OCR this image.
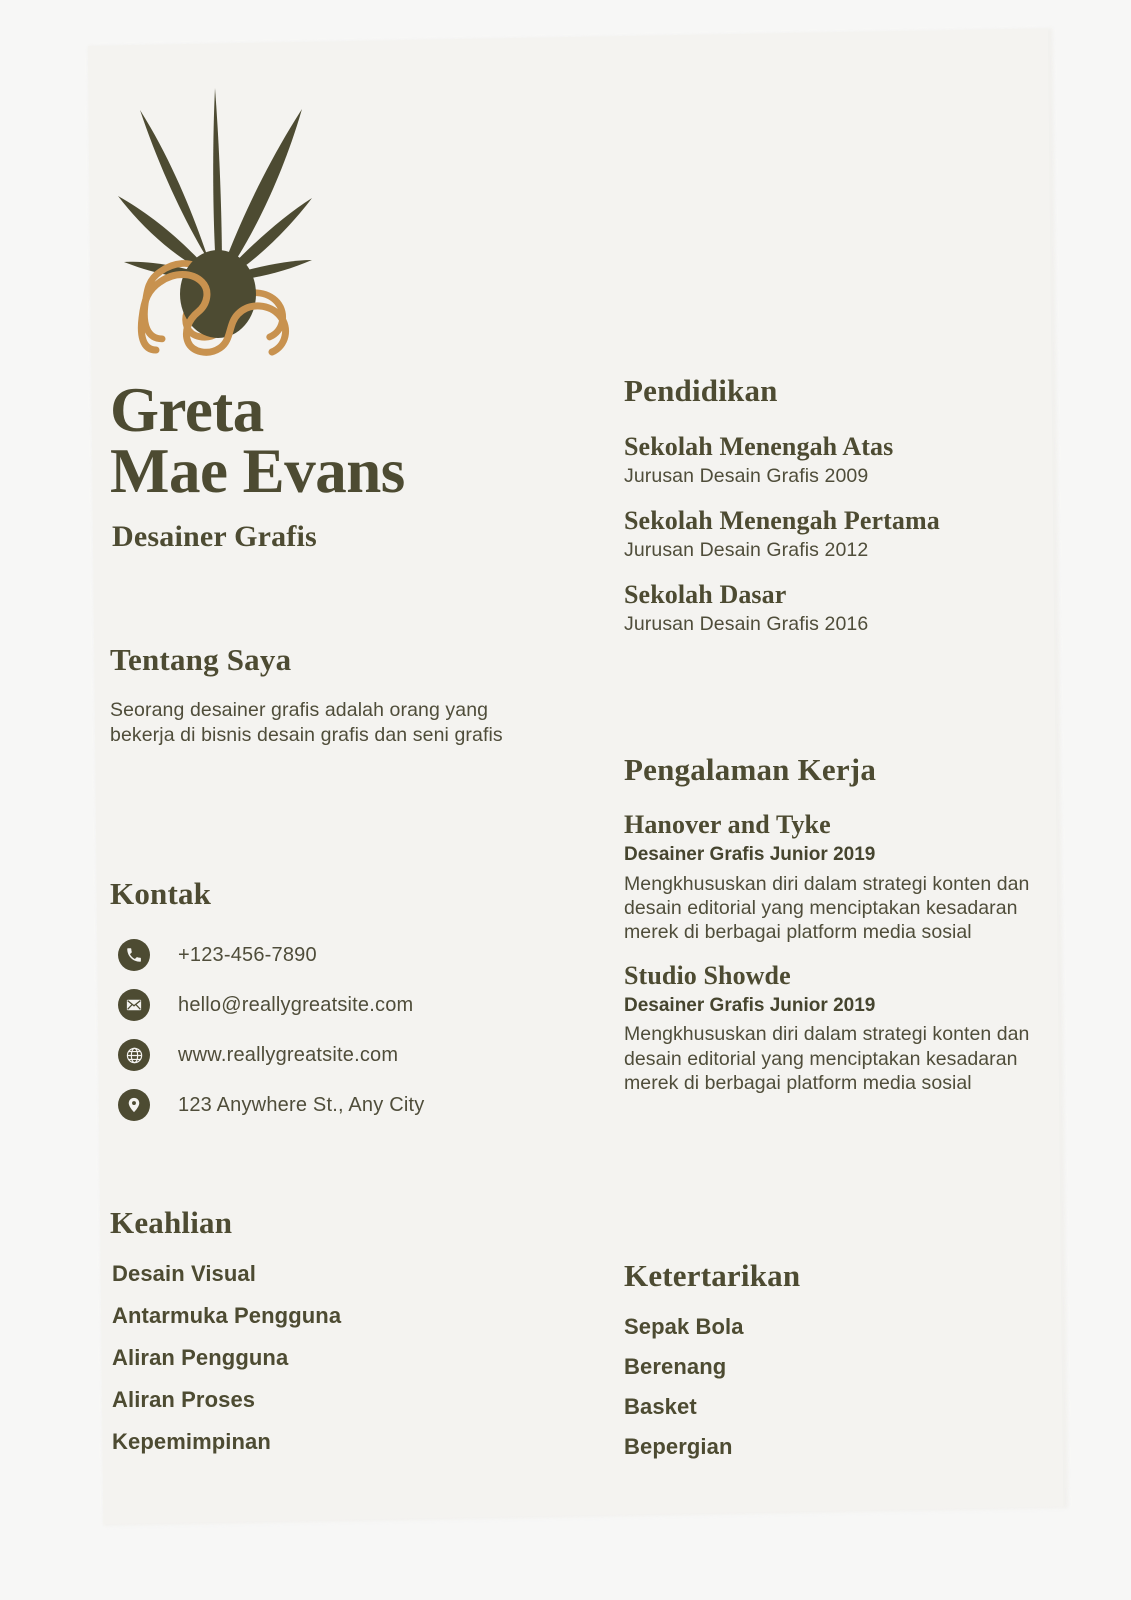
Greta
Mae Evans
Desainer Grafis
Tentang Saya
Seorang desainer grafis adalah orang yang bekerja di bisnis desain grafis dan seni grafis
Kontak
+123-456-7890
hello@reallygreatsite.com
www.reallygreatsite.com
123 Anywhere St., Any City
Keahlian
Desain Visual
Antarmuka Pengguna
Aliran Pengguna
Aliran Proses
Kepemimpinan
Pendidikan
Sekolah Menengah Atas
Jurusan Desain Grafis 2009
Sekolah Menengah Pertama
Jurusan Desain Grafis 2012
Sekolah Dasar
Jurusan Desain Grafis 2016
Pengalaman Kerja
Hanover and Tyke
Desainer Grafis Junior 2019
Mengkhususkan diri dalam strategi konten dan desain editorial yang menciptakan kesadaran merek di berbagai platform media sosial
Studio Showde
Desainer Grafis Junior 2019
Mengkhususkan diri dalam strategi konten dan desain editorial yang menciptakan kesadaran merek di berbagai platform media sosial
Ketertarikan
Sepak Bola
Berenang
Basket
Bepergian
